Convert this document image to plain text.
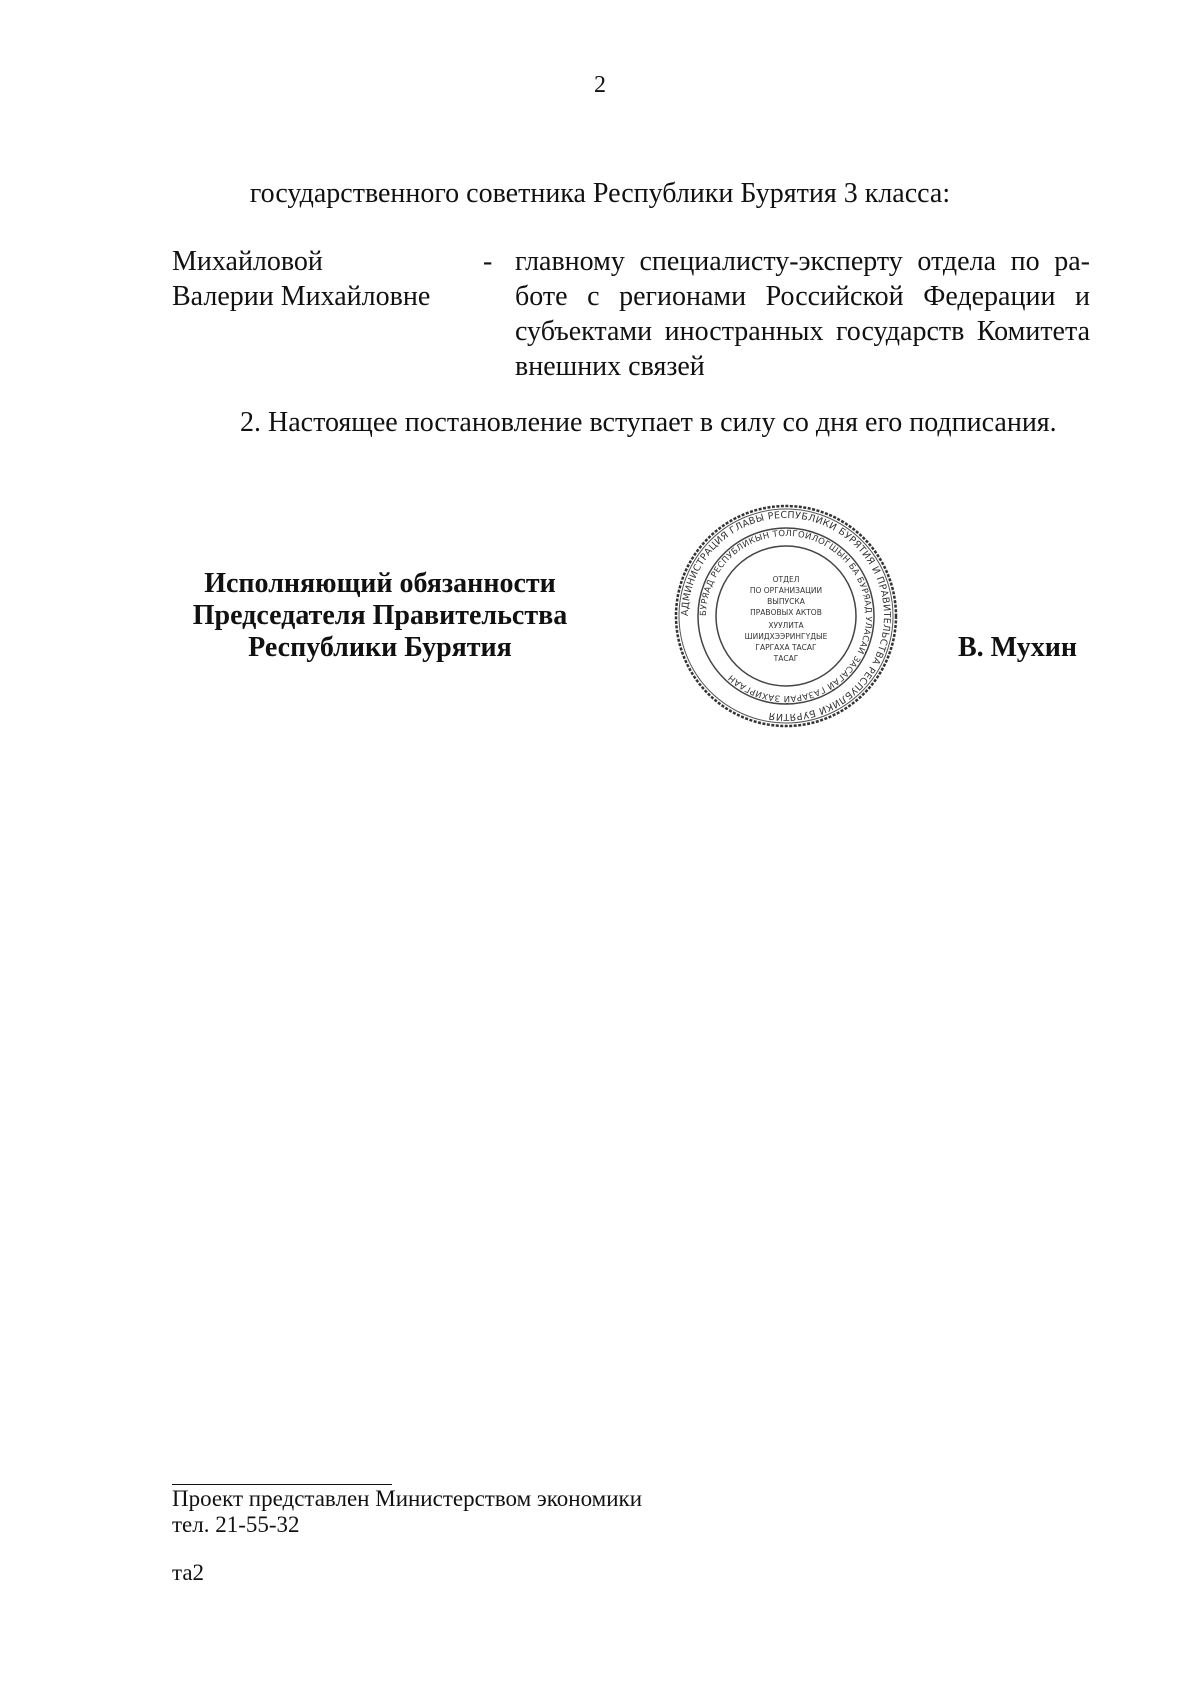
2
государственного советника Республики Бурятия 3 класса:
Михайловой
Валерии Михайловне
- главному специалисту-эксперту отдела по ра- боте с регионами Российской Федерации и субъектами иностранных государств Комитета внешних связей
2. Настоящее постановление вступает в силу со дня его подписания.
Исполняющий обязанности
Председателя Правительства
Республики Бурятия
АДМИНИСТРАЦИЯ ГЛАВЫ РЕСПУБЛИКИ БУРЯТИЯ И ПРАВИТЕЛЬСТВА РЕСПУБЛИКИ БУРЯТИЯ
БУРЯАД РЕСПУБЛИКЫН ТОЛГОЙЛОГШЫН БА БУРЯАД УЛАСАЙ ЗАСАГАЙ ГАЗАРАЙ ЗАХИРГААН
ОТДЕЛ
ПО ОРГАНИЗАЦИИ
ВЫПУСКА
ПРАВОВЫХ АКТОВ
ХУУЛИТА
ШИИДХЭЭРИНГҮДЫЕ
ГАРГАХА ТАСАГ
ТАСАГ	В. Мухин
Проект представлен Министерством экономики
тел. 21-55-32
та2
